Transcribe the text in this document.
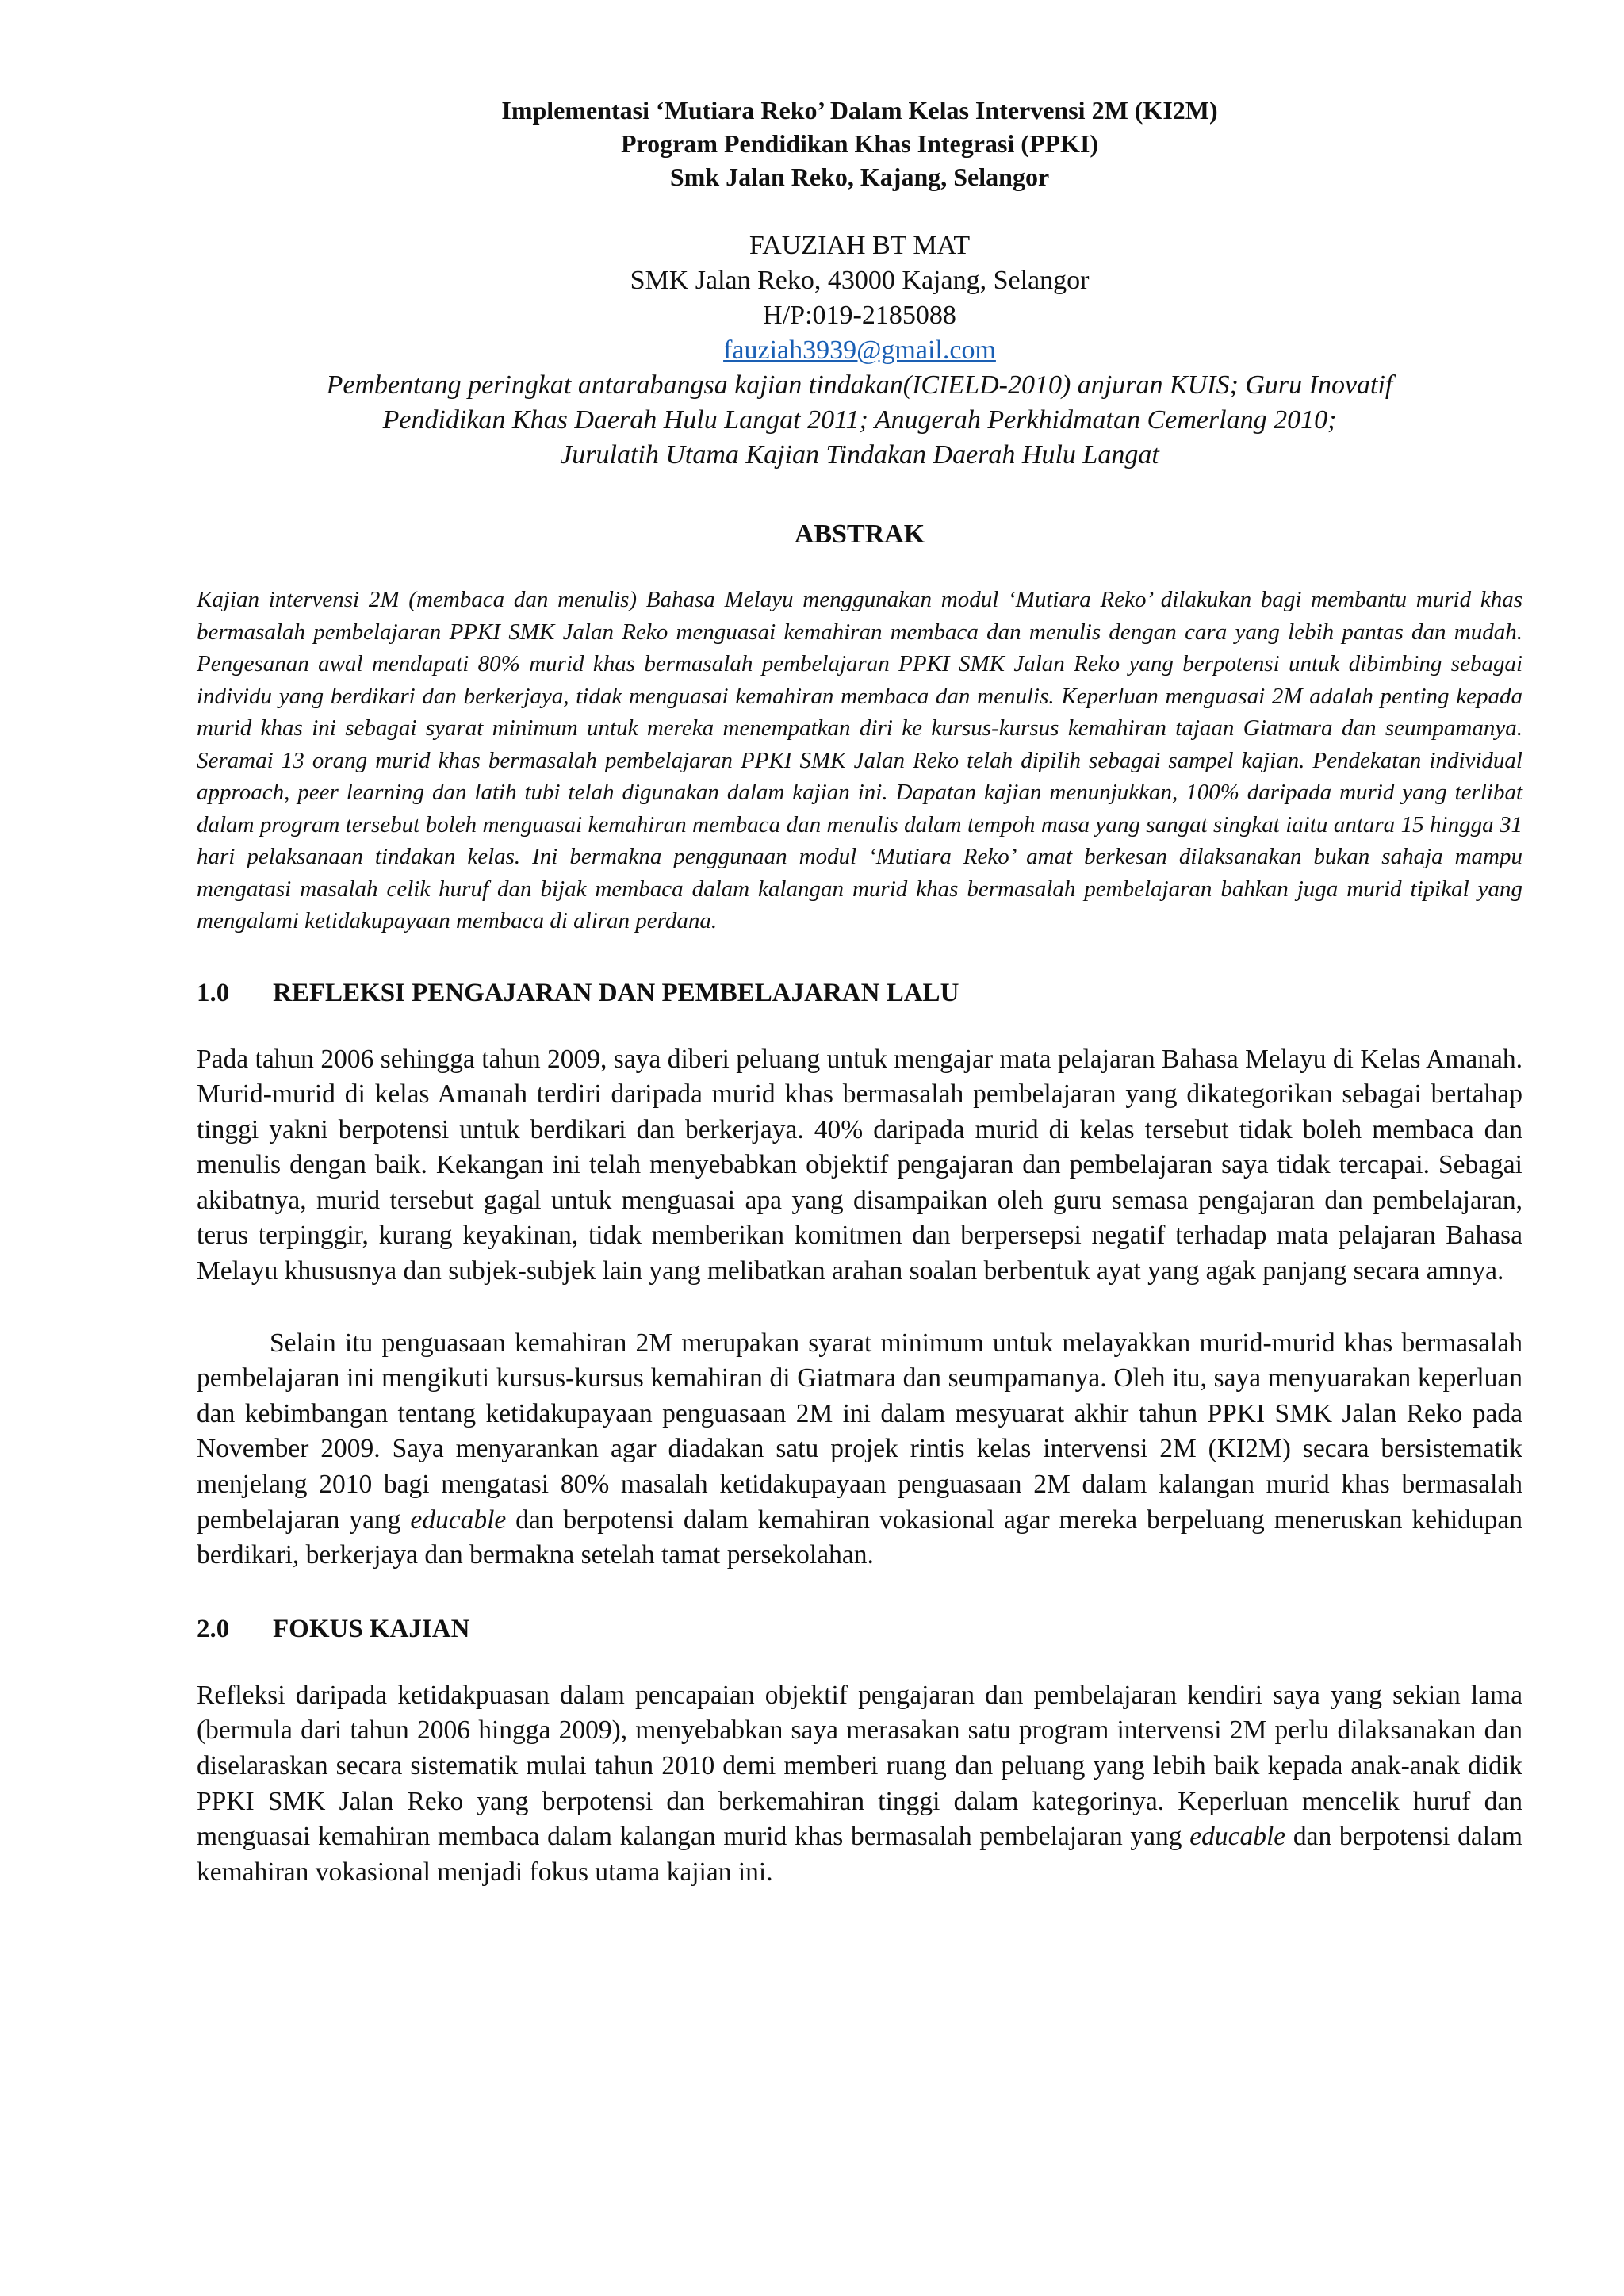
Implementasi ‘Mutiara Reko’ Dalam Kelas Intervensi 2M (KI2M)
Program Pendidikan Khas Integrasi (PPKI)
Smk Jalan Reko, Kajang, Selangor
FAUZIAH BT MAT
SMK Jalan Reko, 43000 Kajang, Selangor
H/P:019-2185088
fauziah3939@gmail.com
Pembentang peringkat antarabangsa kajian tindakan(ICIELD-2010) anjuran KUIS; Guru Inovatif
Pendidikan Khas Daerah Hulu Langat 2011; Anugerah Perkhidmatan Cemerlang 2010;
Jurulatih Utama Kajian Tindakan Daerah Hulu Langat
ABSTRAK
Kajian intervensi 2M (membaca dan menulis) Bahasa Melayu menggunakan modul ‘Mutiara Reko’ dilakukan bagi membantu murid khas bermasalah pembelajaran PPKI SMK Jalan Reko menguasai kemahiran membaca dan menulis dengan cara yang lebih pantas dan mudah. Pengesanan awal mendapati 80% murid khas bermasalah pembelajaran PPKI SMK Jalan Reko yang berpotensi untuk dibimbing sebagai individu yang berdikari dan berkerjaya, tidak menguasai kemahiran membaca dan menulis. Keperluan menguasai 2M adalah penting kepada murid khas ini sebagai syarat minimum untuk mereka menempatkan diri ke kursus-kursus kemahiran tajaan Giatmara dan seumpamanya. Seramai 13 orang murid khas bermasalah pembelajaran PPKI SMK Jalan Reko telah dipilih sebagai sampel kajian. Pendekatan individual approach, peer learning dan latih tubi telah digunakan dalam kajian ini. Dapatan kajian menunjukkan, 100% daripada murid yang terlibat dalam program tersebut boleh menguasai kemahiran membaca dan menulis dalam tempoh masa yang sangat singkat iaitu antara 15 hingga 31 hari pelaksanaan tindakan kelas. Ini bermakna penggunaan modul ‘Mutiara Reko’ amat berkesan dilaksanakan bukan sahaja mampu mengatasi masalah celik huruf dan bijak membaca dalam kalangan murid khas bermasalah pembelajaran bahkan juga murid tipikal yang mengalami ketidakupayaan membaca di aliran perdana.
1.0	REFLEKSI PENGAJARAN DAN PEMBELAJARAN LALU
Pada tahun 2006 sehingga tahun 2009, saya diberi peluang untuk mengajar mata pelajaran Bahasa Melayu di Kelas Amanah. Murid-murid di kelas Amanah terdiri daripada murid khas bermasalah pembelajaran yang dikategorikan sebagai bertahap tinggi yakni berpotensi untuk berdikari dan berkerjaya. 40% daripada murid di kelas tersebut tidak boleh membaca dan menulis dengan baik. Kekangan ini telah menyebabkan objektif pengajaran dan pembelajaran saya tidak tercapai. Sebagai akibatnya, murid tersebut gagal untuk menguasai apa yang disampaikan oleh guru semasa pengajaran dan pembelajaran, terus terpinggir, kurang keyakinan, tidak memberikan komitmen dan berpersepsi negatif terhadap mata pelajaran Bahasa Melayu khususnya dan subjek-subjek lain yang melibatkan arahan soalan berbentuk ayat yang agak panjang secara amnya.
Selain itu penguasaan kemahiran 2M merupakan syarat minimum untuk melayakkan murid-murid khas bermasalah pembelajaran ini mengikuti kursus-kursus kemahiran di Giatmara dan seumpamanya. Oleh itu, saya menyuarakan keperluan dan kebimbangan tentang ketidakupayaan penguasaan 2M ini dalam mesyuarat akhir tahun PPKI SMK Jalan Reko pada November 2009. Saya menyarankan agar diadakan satu projek rintis kelas intervensi 2M (KI2M) secara bersistematik menjelang 2010 bagi mengatasi 80% masalah ketidakupayaan penguasaan 2M dalam kalangan murid khas bermasalah pembelajaran yang educable dan berpotensi dalam kemahiran vokasional agar mereka berpeluang meneruskan kehidupan berdikari, berkerjaya dan bermakna setelah tamat persekolahan.
2.0	FOKUS KAJIAN
Refleksi daripada ketidakpuasan dalam pencapaian objektif pengajaran dan pembelajaran kendiri saya yang sekian lama (bermula dari tahun 2006 hingga 2009), menyebabkan saya merasakan satu program intervensi 2M perlu dilaksanakan dan diselaraskan secara sistematik mulai tahun 2010 demi memberi ruang dan peluang yang lebih baik kepada anak-anak didik PPKI SMK Jalan Reko yang berpotensi dan berkemahiran tinggi dalam kategorinya. Keperluan mencelik huruf dan menguasai kemahiran membaca dalam kalangan murid khas bermasalah pembelajaran yang educable dan berpotensi dalam kemahiran vokasional menjadi fokus utama kajian ini.
